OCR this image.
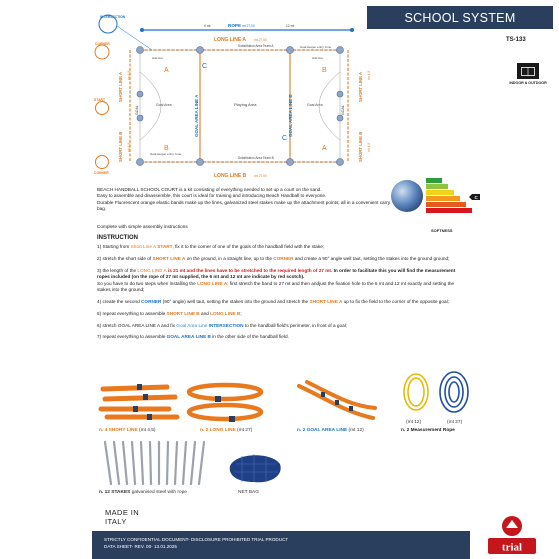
SCHOOL SYSTEM
TS-133
ROPE mt 27,00
6 mt	12 mt
LONG LINE A mt 27,00
Substitution Area Team A
LONG LINE B mt 27,00
Substitution Area Team B
Playing Area
Goal Area	Goal Area
side line	side line
Goal keeper entry zone
Goal keeper entry zone
GOAL AREA LINE A	GOAL AREA LINE B
SHORT LINE A
SHORT LINE B
SHORT LINE A
SHORT LINE B
mt 4,5	mt 4,5
mt 4,5	mt 4,5
GOAL	GOAL
A
B
B
A
C
C
INTERSECTION
CORNER
START
CORNER
INDOOR & OUTDOOR
C
SOFTNESS
BEACH HANDBALL SCHOOL COURT is a kit consisting of everything needed to set up a court on the sand.
Easy to assemble and disassemble, this court is ideal for training and introducing Beach Handball to everyone.
Durable Fluorescent orange elastic bands make up the lines, galvanized steel stakes make up the attachment points; all in a convenient carry bag.
Complete with simple assembly instructions
INSTRUCTION

1) Starting from Short Line A START, fix it to the corner of one of the goals of the handball field with the stake;

2) stretch the short side of SHORT LINE A on the ground, in a straight line, up to the CORNER and create a 90° angle well taut, setting the stakes into the ground ground;

3) the length of the LONG LINE A is 21 mt and the lines have to be stretched to the required length of 27 mt. In order to facilitate this you will find the measurement ropes included (on the rope of 27 mt supplied, the 6 mt and 12 mt are indicate by red scotch).
So you have to do two steps when installing the LONG LINE A: first stretch the band to 27 mt and then andjust the fixation hole to the 6 mt and 12 mt exactly and setting the stakes into the ground;

4) create the second CORNER (90° angle) well taut, setting the stakes into the ground and stretch the SHORT LINE A up to fix the field to the corner of the opposite goal;

5) repeat everything to assemble SHORT LINE B and LONG LINE B;

6) stretch GOAL AREA LINE A and fix Goal Area Line INTERSECTION to the handball field's perimeter, in front of a goal;

7) repeat everything to assemble GOAL AREA LINE B in the other side of the handball field.

n. 4 SHORT LINE (mt 4,5)	n. 2 LONG LINE (mt 27)	n. 2 GOAL AREA LINE (mt 12)
(mt 12)	(mt 27)
n. 2 Measurement Rope
n. 12 STAKES galvanised steel with rope	NET BAG
MADE IN
ITALY
STRICTLY CONFIDENTIAL DOCUMENT- DISCLOSURE PROHIBITED TRIAL PRODUCT
DATA SHEET- REV. 00- 13.01.2025	trial
